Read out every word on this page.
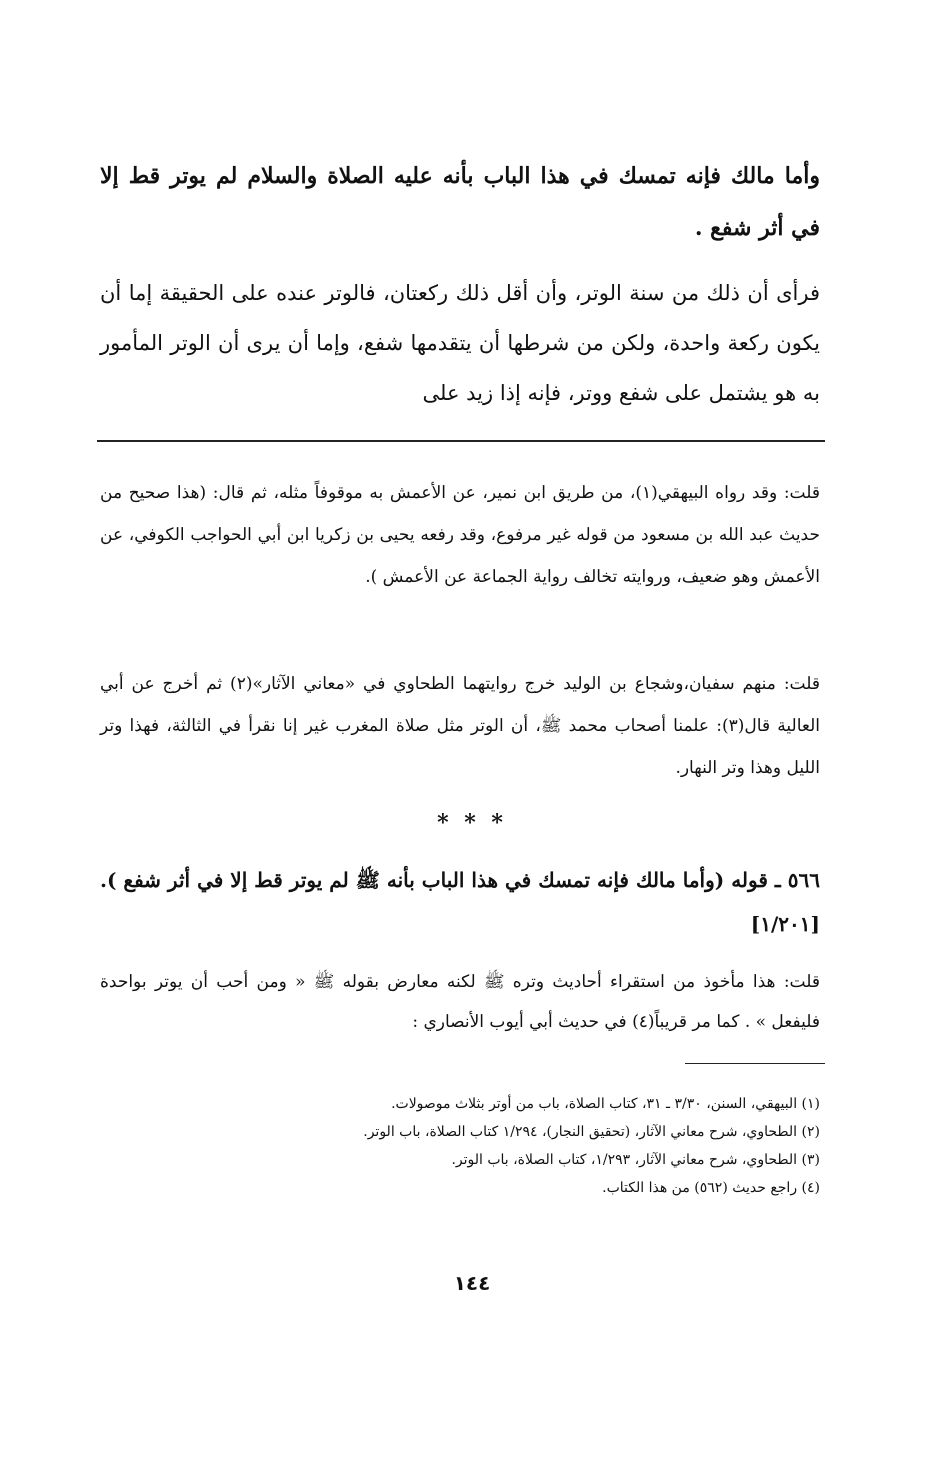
وأما مالك فإنه تمسك في هذا الباب بأنه عليه الصلاة والسلام لم يوتر قط إلا في أثر شفع .

فرأى أن ذلك من سنة الوتر، وأن أقل ذلك ركعتان، فالوتر عنده على الحقيقة إما أن يكون ركعة واحدة، ولكن من شرطها أن يتقدمها شفع، وإما أن يرى أن الوتر المأمور به هو يشتمل على شفع ووتر، فإنه إذا زيد على

قلت: وقد رواه البيهقي(١)، من طريق ابن نمير، عن الأعمش به موقوفاً مثله، ثم قال: (هذا صحيح من حديث عبد الله بن مسعود من قوله غير مرفوع، وقد رفعه يحيى بن زكريا ابن أبي الحواجب الكوفي، عن الأعمش وهو ضعيف، وروايته تخالف رواية الجماعة عن الأعمش ).

قلت: منهم سفيان،وشجاع بن الوليد خرج روايتهما الطحاوي في «معاني الآثار»(٢) ثم أخرج عن أبي العالية قال(٣): علمنا أصحاب محمد ﷺ، أن الوتر مثل صلاة المغرب غير إنا نقرأ في الثالثة، فهذا وتر الليل وهذا وتر النهار.

* * *

٥٦٦ ـ قوله (وأما مالك فإنه تمسك في هذا الباب بأنه ﷺ لم يوتر قط إلا في أثر شفع ). [١/٢٠١]

قلت: هذا مأخوذ من استقراء أحاديث وتره ﷺ لكنه معارض بقوله ﷺ « ومن أحب أن يوتر بواحدة فليفعل » . كما مر قريباً(٤) في حديث أبي أيوب الأنصاري :

(١) البيهقي، السنن، ٣/٣٠ ـ ٣١، كتاب الصلاة، باب من أوتر بثلاث موصولات.
(٢) الطحاوي، شرح معاني الآثار، (تحقيق النجار)، ١/٢٩٤ كتاب الصلاة، باب الوتر.
(٣) الطحاوي، شرح معاني الآثار، ١/٢٩٣، كتاب الصلاة، باب الوتر.
(٤) راجع حديث (٥٦٢) من هذا الكتاب.
١٤٤
